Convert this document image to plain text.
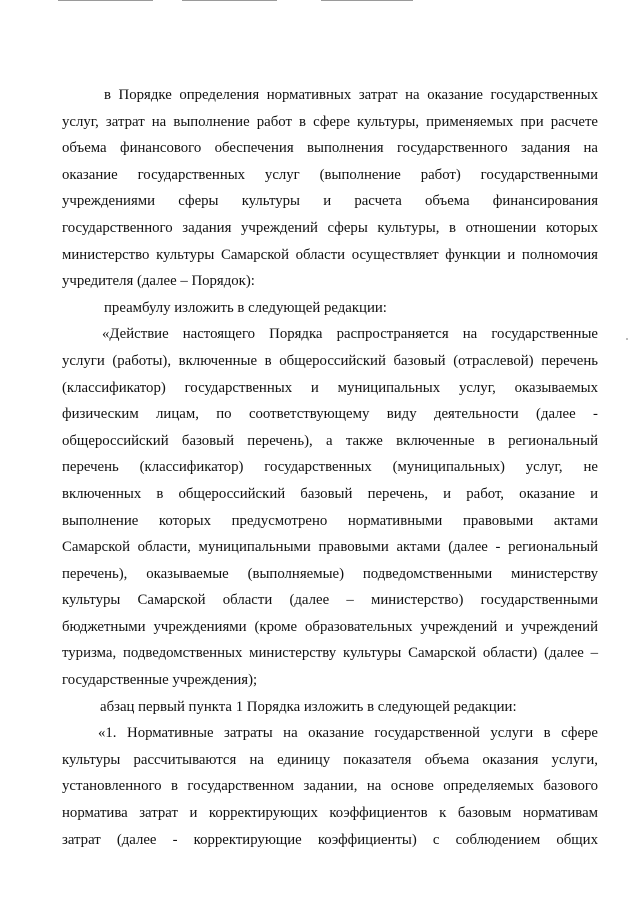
в Порядке определения нормативных затрат на оказание государственных
услуг, затрат на выполнение работ в сфере культуры, применяемых при расчете
объема финансового обеспечения выполнения государственного задания на
оказание государственных услуг (выполнение работ) государственными
учреждениями сферы культуры и расчета объема финансирования
государственного задания учреждений сферы культуры, в отношении которых
министерство культуры Самарской области осуществляет функции и полномочия
учредителя (далее – Порядок):
преамбулу изложить в следующей редакции:
«Действие настоящего Порядка распространяется на государственные
услуги (работы), включенные в общероссийский базовый (отраслевой) перечень
(классификатор) государственных и муниципальных услуг, оказываемых
физическим лицам, по соответствующему виду деятельности (далее -
общероссийский базовый перечень), а также включенные в региональный
перечень (классификатор) государственных (муниципальных) услуг, не
включенных в общероссийский базовый перечень, и работ, оказание и
выполнение которых предусмотрено нормативными правовыми актами
Самарской области, муниципальными правовыми актами (далее - региональный
перечень), оказываемые (выполняемые) подведомственными министерству
культуры Самарской области (далее – министерство) государственными
бюджетными учреждениями (кроме образовательных учреждений и учреждений
туризма, подведомственных министерству культуры Самарской области) (далее –
государственные учреждения);
абзац первый пункта 1 Порядка изложить в следующей редакции:
«1. Нормативные затраты на оказание государственной услуги в сфере
культуры рассчитываются на единицу показателя объема оказания услуги,
установленного в государственном задании, на основе определяемых базового
норматива затрат и корректирующих коэффициентов к базовым нормативам
затрат (далее - корректирующие коэффициенты) с соблюдением общих
